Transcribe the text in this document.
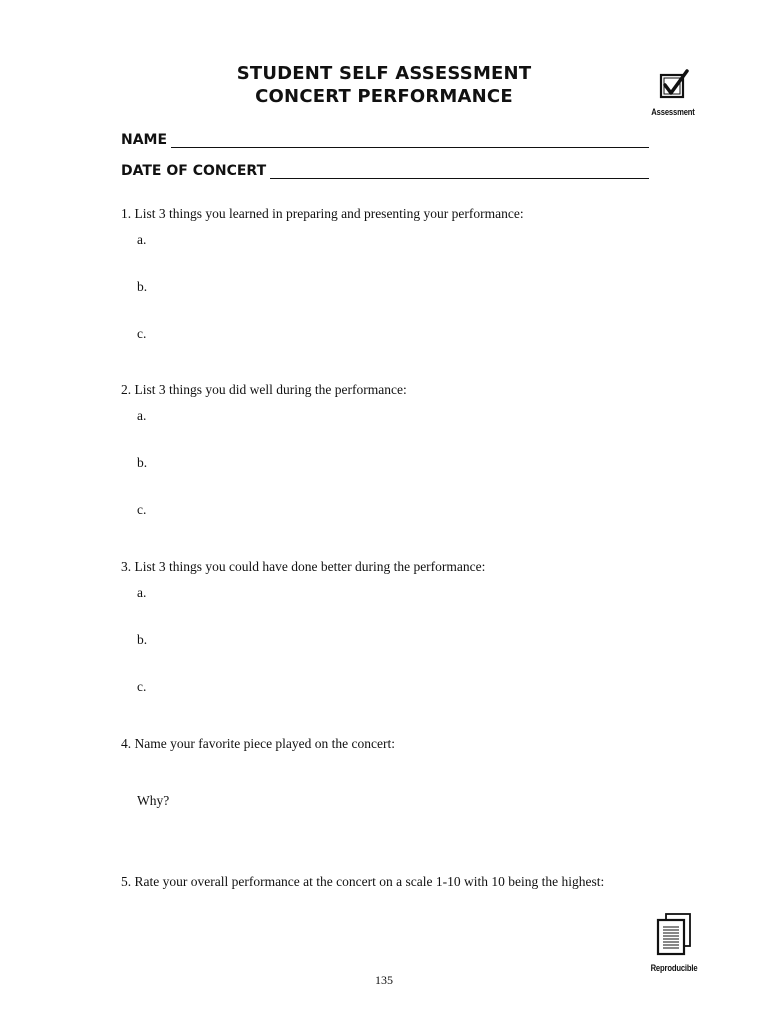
STUDENT SELF ASSESSMENT
CONCERT PERFORMANCE
Assessment
NAME
DATE OF CONCERT
1. List 3 things you learned in preparing and presenting your performance:
a.
b.
c.
2. List 3 things you did well during the performance:
a.
b.
c.
3. List 3 things you could have done better during the performance:
a.
b.
c.
4. Name your favorite piece played on the concert:
Why?
5. Rate your overall performance at the concert on a scale 1-10 with 10 being the highest:
Reproducible
135
